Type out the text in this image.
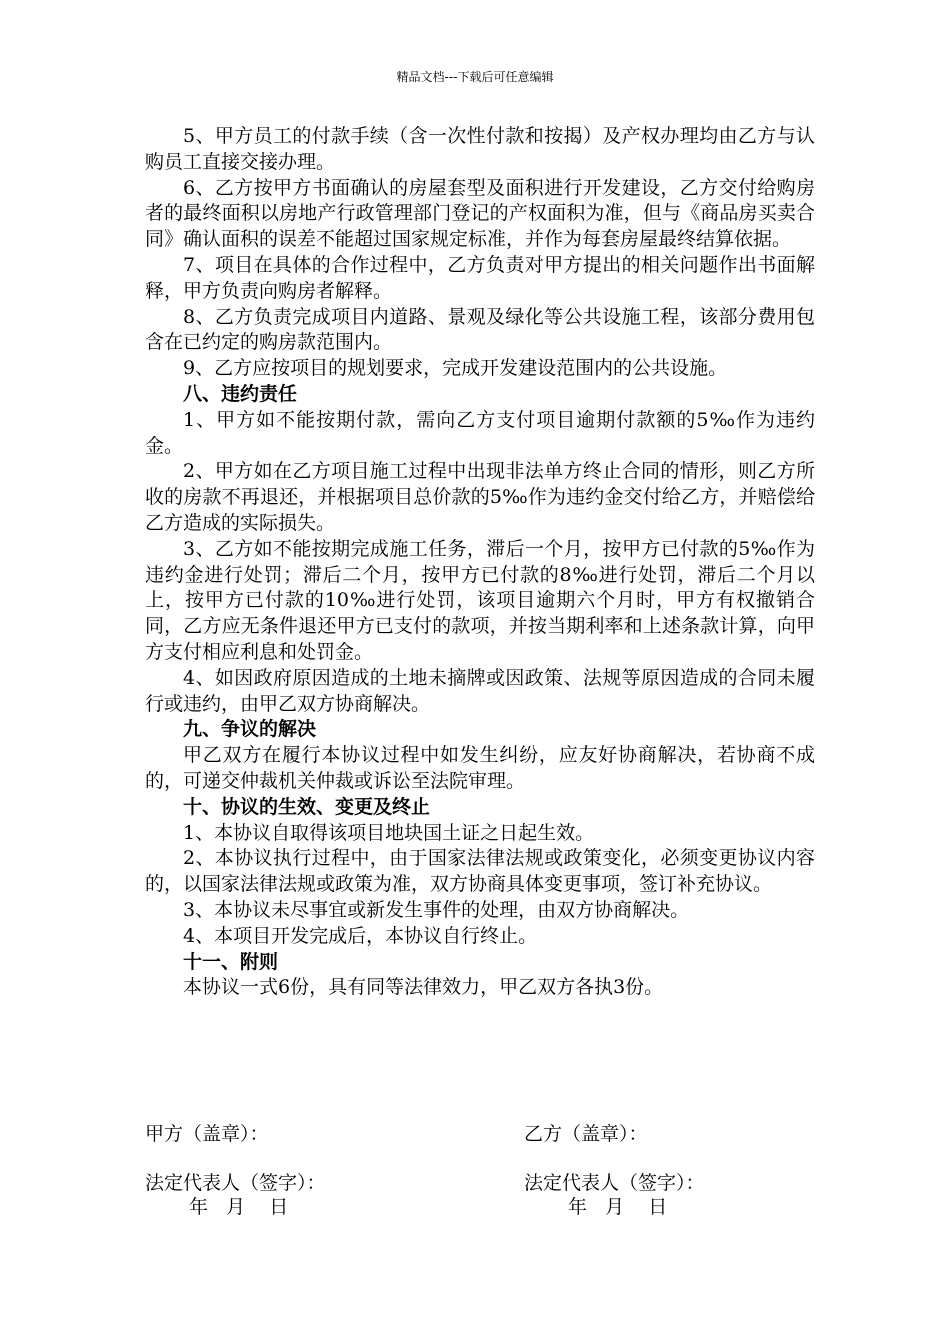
精品文档---下载后可任意编辑

5、甲方员工的付款手续（含一次性付款和按揭）及产权办理均由乙方与认购员工直接交接办理。

6、乙方按甲方书面确认的房屋套型及面积进行开发建设，乙方交付给购房者的最终面积以房地产行政管理部门登记的产权面积为准，但与《商品房买卖合同》确认面积的误差不能超过国家规定标准，并作为每套房屋最终结算依据。

7、项目在具体的合作过程中，乙方负责对甲方提出的相关问题作出书面解释，甲方负责向购房者解释。

8、乙方负责完成项目内道路、景观及绿化等公共设施工程，该部分费用包含在已约定的购房款范围内。

9、乙方应按项目的规划要求，完成开发建设范围内的公共设施。

八、违约责任

1、甲方如不能按期付款，需向乙方支付项目逾期付款额的5‰作为违约金。

2、甲方如在乙方项目施工过程中出现非法单方终止合同的情形，则乙方所收的房款不再退还，并根据项目总价款的5‰作为违约金交付给乙方，并赔偿给乙方造成的实际损失。

3、乙方如不能按期完成施工任务，滞后一个月，按甲方已付款的5‰作为违约金进行处罚；滞后二个月，按甲方已付款的8‰进行处罚，滞后二个月以上，按甲方已付款的10‰进行处罚，该项目逾期六个月时，甲方有权撤销合同，乙方应无条件退还甲方已支付的款项，并按当期利率和上述条款计算，向甲方支付相应利息和处罚金。

4、如因政府原因造成的土地未摘牌或因政策、法规等原因造成的合同未履行或违约，由甲乙双方协商解决。

九、争议的解决

甲乙双方在履行本协议过程中如发生纠纷，应友好协商解决，若协商不成的，可递交仲裁机关仲裁或诉讼至法院审理。

十、协议的生效、变更及终止

1、本协议自取得该项目地块国土证之日起生效。

2、本协议执行过程中，由于国家法律法规或政策变化，必须变更协议内容的，以国家法律法规或政策为准，双方协商具体变更事项，签订补充协议。

3、本协议未尽事宜或新发生事件的处理，由双方协商解决。

4、本项目开发完成后，本协议自行终止。

十一、附则

本协议一式6份，具有同等法律效力，甲乙双方各执3份。

甲方（盖章）：	乙方（盖章）：
法定代表人（签字）：	法定代表人（签字）：
年   月    日	年   月    日
